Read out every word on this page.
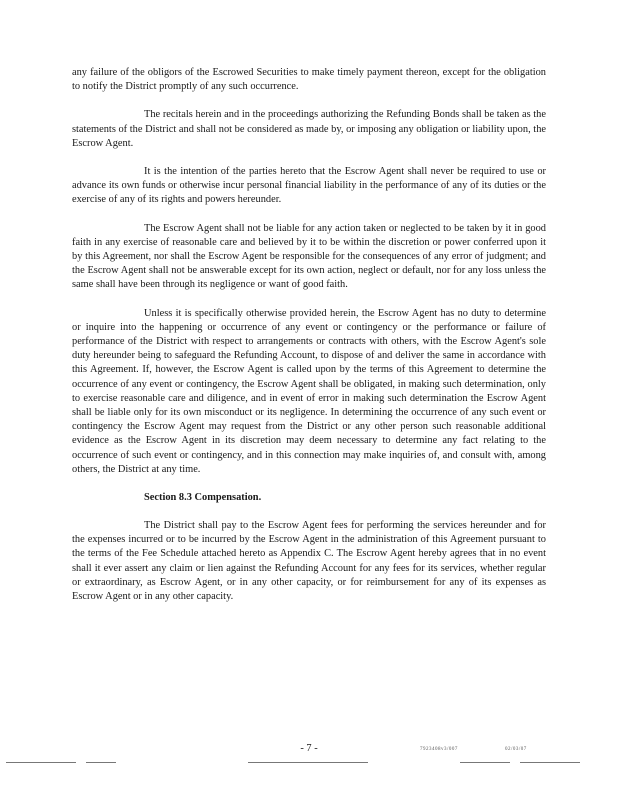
any failure of the obligors of the Escrowed Securities to make timely payment thereon, except for the obligation to notify the District promptly of any such occurrence.

The recitals herein and in the proceedings authorizing the Refunding Bonds shall be taken as the statements of the District and shall not be considered as made by, or imposing any obligation or liability upon, the Escrow Agent.

It is the intention of the parties hereto that the Escrow Agent shall never be required to use or advance its own funds or otherwise incur personal financial liability in the performance of any of its duties or the exercise of any of its rights and powers hereunder.

The Escrow Agent shall not be liable for any action taken or neglected to be taken by it in good faith in any exercise of reasonable care and believed by it to be within the discretion or power conferred upon it by this Agreement, nor shall the Escrow Agent be responsible for the consequences of any error of judgment; and the Escrow Agent shall not be answerable except for its own action, neglect or default, nor for any loss unless the same shall have been through its negligence or want of good faith.

Unless it is specifically otherwise provided herein, the Escrow Agent has no duty to determine or inquire into the happening or occurrence of any event or contingency or the performance or failure of performance of the District with respect to arrangements or contracts with others, with the Escrow Agent's sole duty hereunder being to safeguard the Refunding Account, to dispose of and deliver the same in accordance with this Agreement. If, however, the Escrow Agent is called upon by the terms of this Agreement to determine the occurrence of any event or contingency, the Escrow Agent shall be obligated, in making such determination, only to exercise reasonable care and diligence, and in event of error in making such determination the Escrow Agent shall be liable only for its own misconduct or its negligence. In determining the occurrence of any such event or contingency the Escrow Agent may request from the District or any other person such reasonable additional evidence as the Escrow Agent in its discretion may deem necessary to determine any fact relating to the occurrence of such event or contingency, and in this connection may make inquiries of, and consult with, among others, the District at any time.

Section 8.3 Compensation.

The District shall pay to the Escrow Agent fees for performing the services hereunder and for the expenses incurred or to be incurred by the Escrow Agent in the administration of this Agreement pursuant to the terms of the Fee Schedule attached hereto as Appendix C. The Escrow Agent hereby agrees that in no event shall it ever assert any claim or lien against the Refunding Account for any fees for its services, whether regular or extraordinary, as Escrow Agent, or in any other capacity, or for reimbursement for any of its expenses as Escrow Agent or in any other capacity.

- 7 -	7923408v3/007	02/03/07
